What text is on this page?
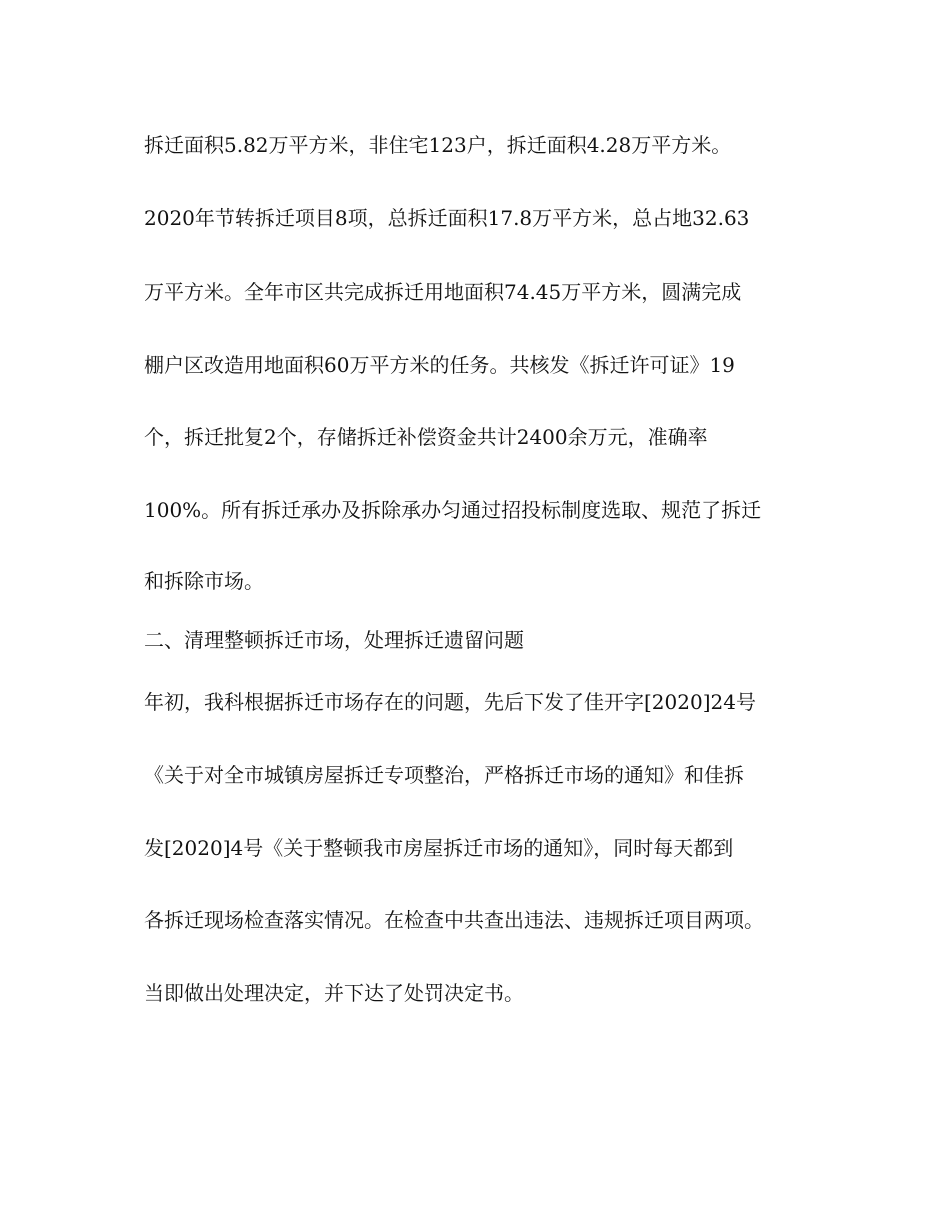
拆迁面积5.82万平方米，非住宅123户，拆迁面积4.28万平方米。

2020年节转拆迁项目8项，总拆迁面积17.8万平方米，总占地32.63

万平方米。全年市区共完成拆迁用地面积74.45万平方米，圆满完成

棚户区改造用地面积60万平方米的任务。共核发《拆迁许可证》19

个，拆迁批复2个，存储拆迁补偿资金共计2400余万元，准确率

100%。所有拆迁承办及拆除承办匀通过招投标制度选取、规范了拆迁

和拆除市场。

二、清理整顿拆迁市场，处理拆迁遗留问题

年初，我科根据拆迁市场存在的问题，先后下发了佳开字[2020]24号

《关于对全市城镇房屋拆迁专项整治，严格拆迁市场的通知》和佳拆

发[2020]4号《关于整顿我市房屋拆迁市场的通知》，同时每天都到

各拆迁现场检查落实情况。在检查中共查出违法、违规拆迁项目两项。

当即做出处理决定，并下达了处罚决定书。
